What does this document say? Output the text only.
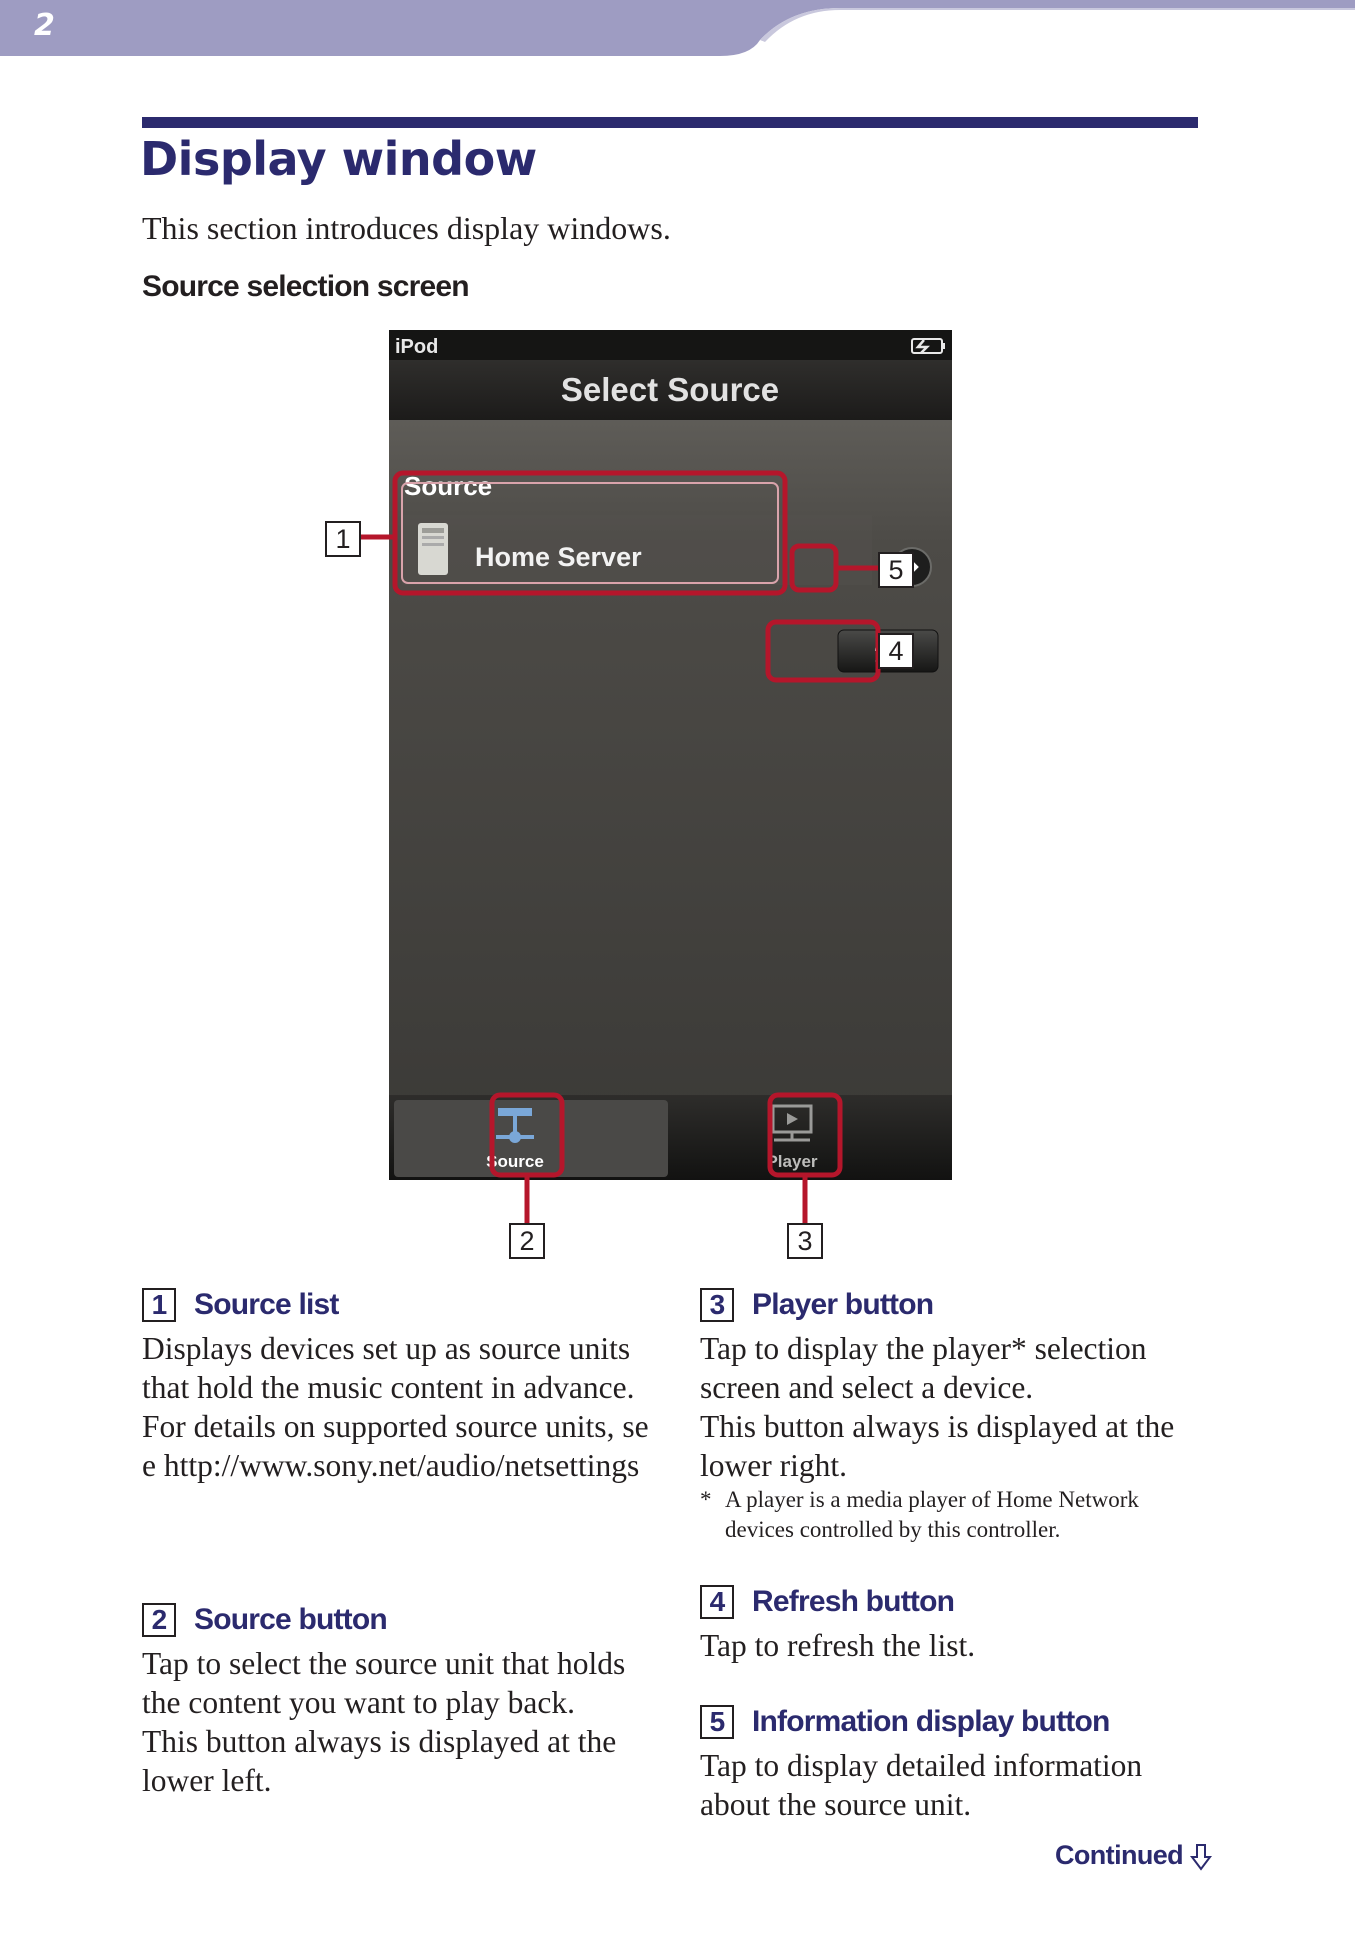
2
Display window
This section introduces display windows.
Source selection screen
iPod
Select Source
Source
Home Server
Source	Player
1
5
4
2	3
1 Source list

Displays devices set up as source units that hold the music content in advance.

For details on supported source units, see http://www.sony.net/audio/netsettings

2 Source button

Tap to select the source unit that holds the content you want to play back.

This button always is displayed at the lower left.

3 Player button

Tap to display the player* selection screen and select a device.

This button always is displayed at the lower right.

* A player is a media player of Home Network devices controlled by this controller.
4 Refresh button

Tap to refresh the list.

5 Information display button

Tap to display detailed information about the source unit.

Continued
